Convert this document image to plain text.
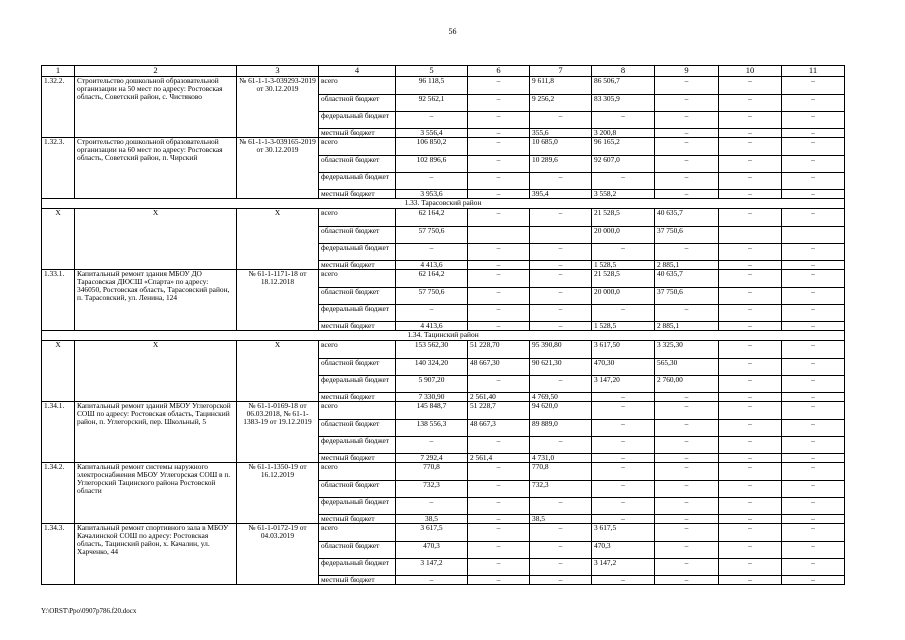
56
1	2	3	4	5	6	7	8	9	10	11
1.32.2.	Строительство дошкольной образовательной организации на 50 мест по адресу: Ростовская область, Советский район, с. Чистяково	№ 61-1-1-3-039293-2019 от 30.12.2019	всего	96 118,5	–	9 611,8	86 506,7	–	–	–
			областной бюджет	92 562,1	–	9 256,2	83 305,9	–	–	–
			федеральный бюджет	–	–	–	–	–	–	–
			местный бюджет	3 556,4	–	355,6	3 200,8	–	–	–
1.32.3.	Строительство дошкольной образовательной организации на 60 мест по адресу: Ростовская область, Советский район, п. Чирский	№ 61-1-1-3-039165-2019 от 30.12.2019	всего	106 850,2	–	10 685,0	96 165,2	–	–	–
			областной бюджет	102 896,6	–	10 289,6	92 607,0	–	–	–
			федеральный бюджет	–	–	–	–	–	–	–
			местный бюджет	3 953,6	–	395,4	3 558,2	–	–	–
1.33. Тарасовский район										
X	X	X	всего	62 164,2	–	–	21 528,5	40 635,7	–	–
			областной бюджет	57 750,6			20 000,0	37 750,6		
			федеральный бюджет	–	–	–	–	–	–	–
			местный бюджет	4 413,6	–	–	1 528,5	2 885,1	–	–
1.33.1.	Капитальный ремонт здания МБОУ ДО Тарасовская ДЮСШ «Спарта» по адресу: 346050, Ростовская область, Тарасовский район, п. Тарасовский, ул. Ленина, 124	№ 61-1-1171-18 от 18.12.2018	всего	62 164,2	–	–	21 528,5	40 635,7	–	–
			областной бюджет	57 750,6	–	–	20 000,0	37 750,6	–	–
			федеральный бюджет	–	–	–	–	–	–	–
			местный бюджет	4 413,6	–	–	1 528,5	2 885,1	–	–
1.34. Тацинский район										
X	X	X	всего	153 562,30	51 228,70	95 390,80	3 617,50	3 325,30	–	–
			областной бюджет	140 324,20	48 667,30	90 621,30	470,30	565,30	–	–
			федеральный бюджет	5 907,20	–	–	3 147,20	2 760,00	–	–
			местный бюджет	7 330,90	2 561,40	4 769,50	–	–	–	–
1.34.1.	Капитальный ремонт зданий МБОУ Углегорской СОШ по адресу: Ростовская область, Тацинский район, п. Углегорский, пер. Школьный, 5	№ 61-1-0169-18 от 06.03.2018, № 61-1-1383-19 от 19.12.2019	всего	145 848,7	51 228,7	94 620,0	–	–	–	–
			областной бюджет	138 556,3	48 667,3	89 889,0	–	–	–	–
			федеральный бюджет	–	–	–	–	–	–	–
			местный бюджет	7 292,4	2 561,4	4 731,0	–	–	–	–
1.34.2.	Капитальный ремонт системы наружного электроснабжения МБОУ Углегорская СОШ в п. Углегорский Тацинского района Ростовской области	№ 61-1-1350-19 от 16.12.2019	всего	770,8	–	770,8	–	–	–	–
			областной бюджет	732,3	–	732,3	–	–	–	–
			федеральный бюджет	–	–	–	–	–	–	–
			местный бюджет	38,5	–	38,5	–	–	–	–
1.34.3.	Капитальный ремонт спортивного зала в МБОУ Качалинской СОШ по адресу: Ростовская область, Тацинский район, х. Качалин, ул. Харченко, 44	№ 61-1-0172-19 от 04.03.2019	всего	3 617,5	–	–	3 617,5	–	–	–
			областной бюджет	470,3	–	–	470,3	–	–	–
			федеральный бюджет	3 147,2	–	–	3 147,2	–	–	–
			местный бюджет	–	–	–	–	–	–	–
Y:\ORST\Ppo\0907p786.f20.docx
